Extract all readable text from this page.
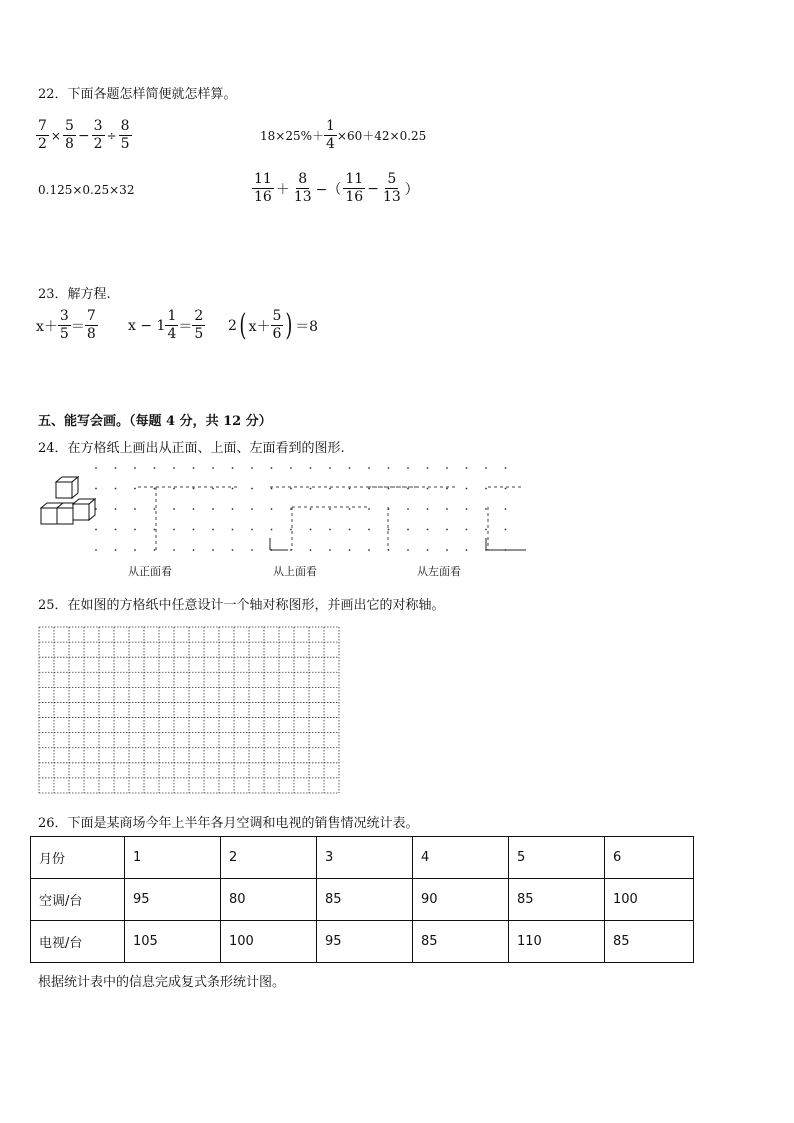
22．下面各题怎样简便就怎样算。
$\frac{7}{2} \times \frac{5}{8} - \frac{3}{2} \div \frac{8}{5}$	$18\times 25\%+ \frac{1}{4} \times 60+42\times 0.25$
0.125×0.25×32	$\frac{11}{16} + \frac{8}{13}$ −（ $\frac{11}{16} - \frac{5}{13}$ ）
23．解方程.
$x+ \frac{3}{5} = \frac{7}{8}$ $x - 1 \frac{1}{4} = \frac{2}{5} 2$ ( $x+ \frac{5}{6}$ ) ＝8
五、能写会画。（每题 4 分，共 12 分）
24．在方格纸上画出从正面、上面、左面看到的图形.
从正面看	从上面看	从左面看
25．在如图的方格纸中任意设计一个轴对称图形，并画出它的对称轴。
26．下面是某商场今年上半年各月空调和电视的销售情况统计表。
月份	1	2	3	4	5	6
空调/台	95	80	85	90	85	100
电视/台	105	100	95	85	110	85
根据统计表中的信息完成复式条形统计图。
